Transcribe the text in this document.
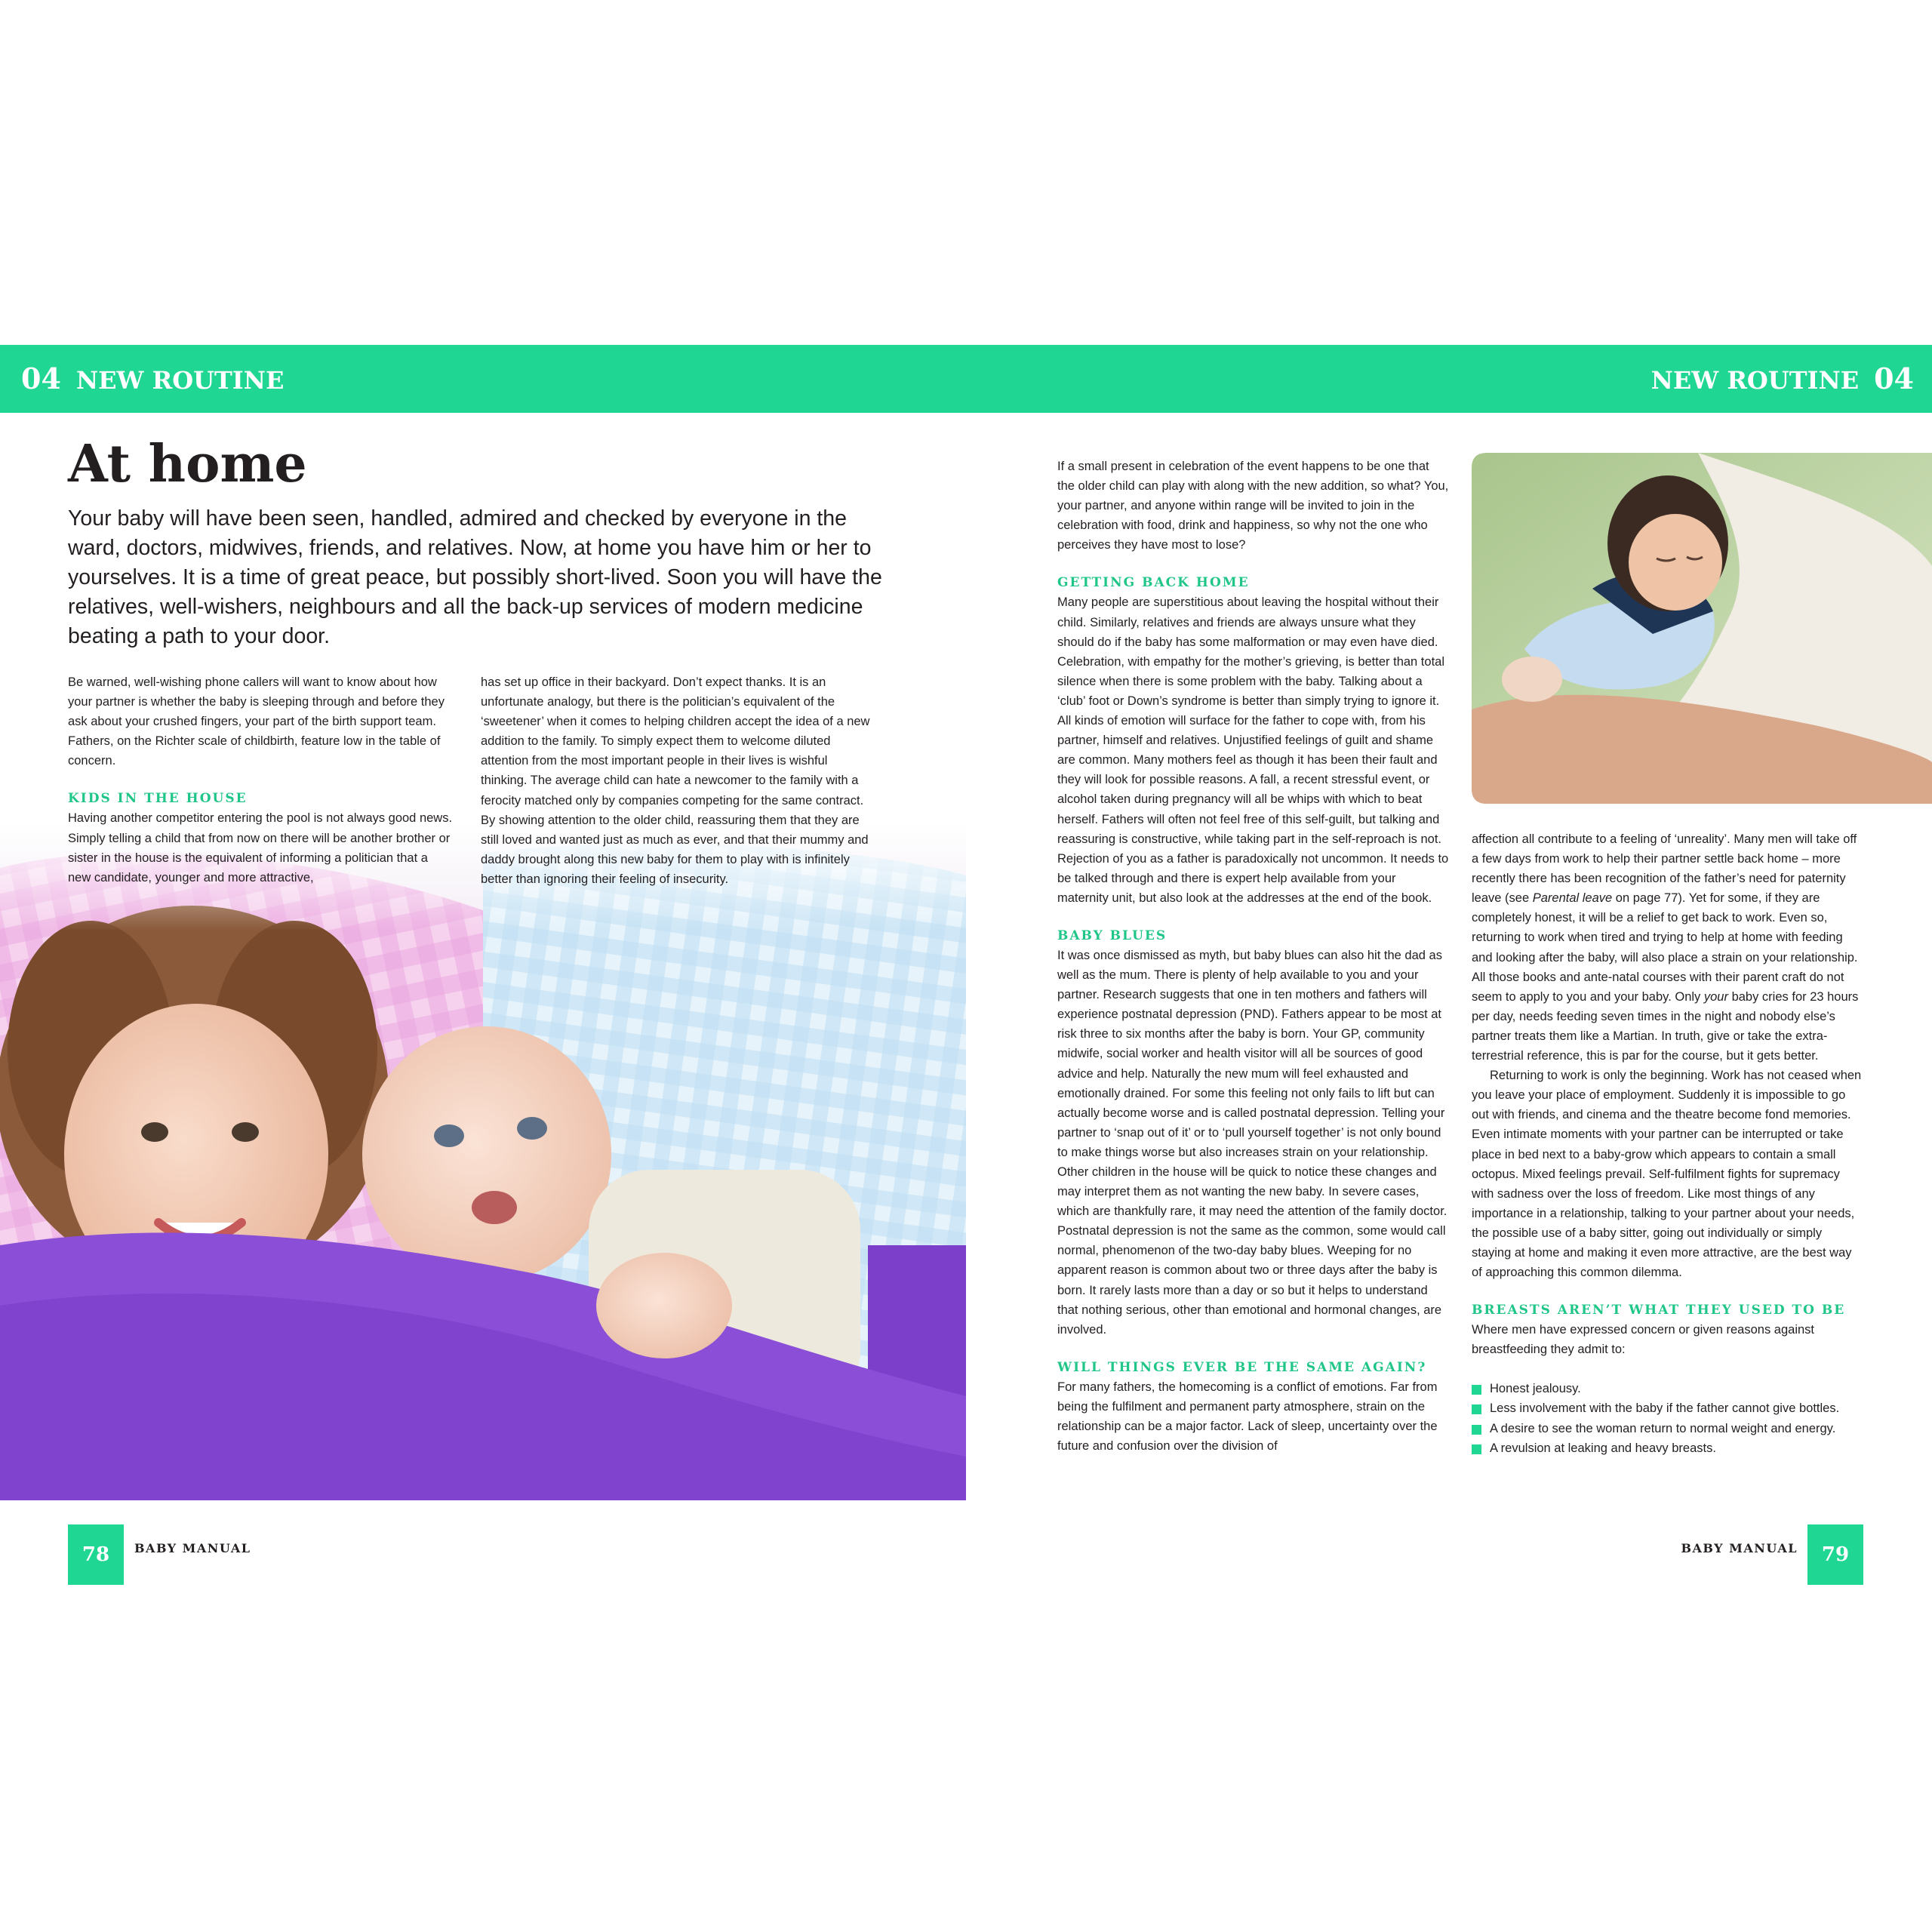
04 NEW ROUTINE	NEW ROUTINE 04
At home

Your baby will have been seen, handled, admired and checked by everyone in the ward, doctors, midwives, friends, and relatives. Now, at home you have him or her to yourselves. It is a time of great peace, but possibly short-lived. Soon you will have the relatives, well-wishers, neighbours and all the back-up services of modern medicine beating a path to your door.

Be warned, well-wishing phone callers will want to know about how your partner is whether the baby is sleeping through and before they ask about your crushed fingers, your part of the birth support team. Fathers, on the Richter scale of childbirth, feature low in the table of concern.

KIDS IN THE HOUSE

Having another competitor entering the pool is not always good news. Simply telling a child that from now on there will be another brother or sister in the house is the equivalent of informing a politician that a new candidate, younger and more attractive,

has set up office in their backyard. Don’t expect thanks. It is an unfortunate analogy, but there is the politician’s equivalent of the ‘sweetener’ when it comes to helping children accept the idea of a new addition to the family. To simply expect them to welcome diluted attention from the most important people in their lives is wishful thinking. The average child can hate a newcomer to the family with a ferocity matched only by companies competing for the same contract. By showing attention to the older child, reassuring them that they are still loved and wanted just as much as ever, and that their mummy and daddy brought along this new baby for them to play with is infinitely better than ignoring their feeling of insecurity.

If a small present in celebration of the event happens to be one that the older child can play with along with the new addition, so what? You, your partner, and anyone within range will be invited to join in the celebration with food, drink and happiness, so why not the one who perceives they have most to lose?

GETTING BACK HOME

Many people are superstitious about leaving the hospital without their child. Similarly, relatives and friends are always unsure what they should do if the baby has some malformation or may even have died. Celebration, with empathy for the mother’s grieving, is better than total silence when there is some problem with the baby. Talking about a ‘club’ foot or Down’s syndrome is better than simply trying to ignore it. All kinds of emotion will surface for the father to cope with, from his partner, himself and relatives. Unjustified feelings of guilt and shame are common. Many mothers feel as though it has been their fault and they will look for possible reasons. A fall, a recent stressful event, or alcohol taken during pregnancy will all be whips with which to beat herself. Fathers will often not feel free of this self-guilt, but talking and reassuring is constructive, while taking part in the self-reproach is not. Rejection of you as a father is paradoxically not uncommon. It needs to be talked through and there is expert help available from your maternity unit, but also look at the addresses at the end of the book.

BABY BLUES

It was once dismissed as myth, but baby blues can also hit the dad as well as the mum. There is plenty of help available to you and your partner. Research suggests that one in ten mothers and fathers will experience postnatal depression (PND). Fathers appear to be most at risk three to six months after the baby is born. Your GP, community midwife, social worker and health visitor will all be sources of good advice and help. Naturally the new mum will feel exhausted and emotionally drained. For some this feeling not only fails to lift but can actually become worse and is called postnatal depression. Telling your partner to ‘snap out of it’ or to ‘pull yourself together’ is not only bound to make things worse but also increases strain on your relationship. Other children in the house will be quick to notice these changes and may interpret them as not wanting the new baby. In severe cases, which are thankfully rare, it may need the attention of the family doctor. Postnatal depression is not the same as the common, some would call normal, phenomenon of the two-day baby blues. Weeping for no apparent reason is common about two or three days after the baby is born. It rarely lasts more than a day or so but it helps to understand that nothing serious, other than emotional and hormonal changes, are involved.

WILL THINGS EVER BE THE SAME AGAIN?

For many fathers, the homecoming is a conflict of emotions. Far from being the fulfilment and permanent party atmosphere, strain on the relationship can be a major factor. Lack of sleep, uncertainty over the future and confusion over the division of

affection all contribute to a feeling of ‘unreality’. Many men will take off a few days from work to help their partner settle back home – more recently there has been recognition of the father’s need for paternity leave (see Parental leave on page 77). Yet for some, if they are completely honest, it will be a relief to get back to work. Even so, returning to work when tired and trying to help at home with feeding and looking after the baby, will also place a strain on your relationship. All those books and ante-natal courses with their parent craft do not seem to apply to you and your baby. Only your baby cries for 23 hours per day, needs feeding seven times in the night and nobody else’s partner treats them like a Martian. In truth, give or take the extra-terrestrial reference, this is par for the course, but it gets better.

Returning to work is only the beginning. Work has not ceased when you leave your place of employment. Suddenly it is impossible to go out with friends, and cinema and the theatre become fond memories. Even intimate moments with your partner can be interrupted or take place in bed next to a baby-grow which appears to contain a small octopus. Mixed feelings prevail. Self-fulfilment fights for supremacy with sadness over the loss of freedom. Like most things of any importance in a relationship, talking to your partner about your needs, the possible use of a baby sitter, going out individually or simply staying at home and making it even more attractive, are the best way of approaching this common dilemma.

BREASTS AREN’T WHAT THEY USED TO BE

Where men have expressed concern or given reasons against breastfeeding they admit to:

Honest jealousy.
Less involvement with the baby if the father cannot give bottles.
A desire to see the woman return to normal weight and energy.
A revulsion at leaking and heavy breasts.
78	BABY MANUAL	BABY MANUAL	79
